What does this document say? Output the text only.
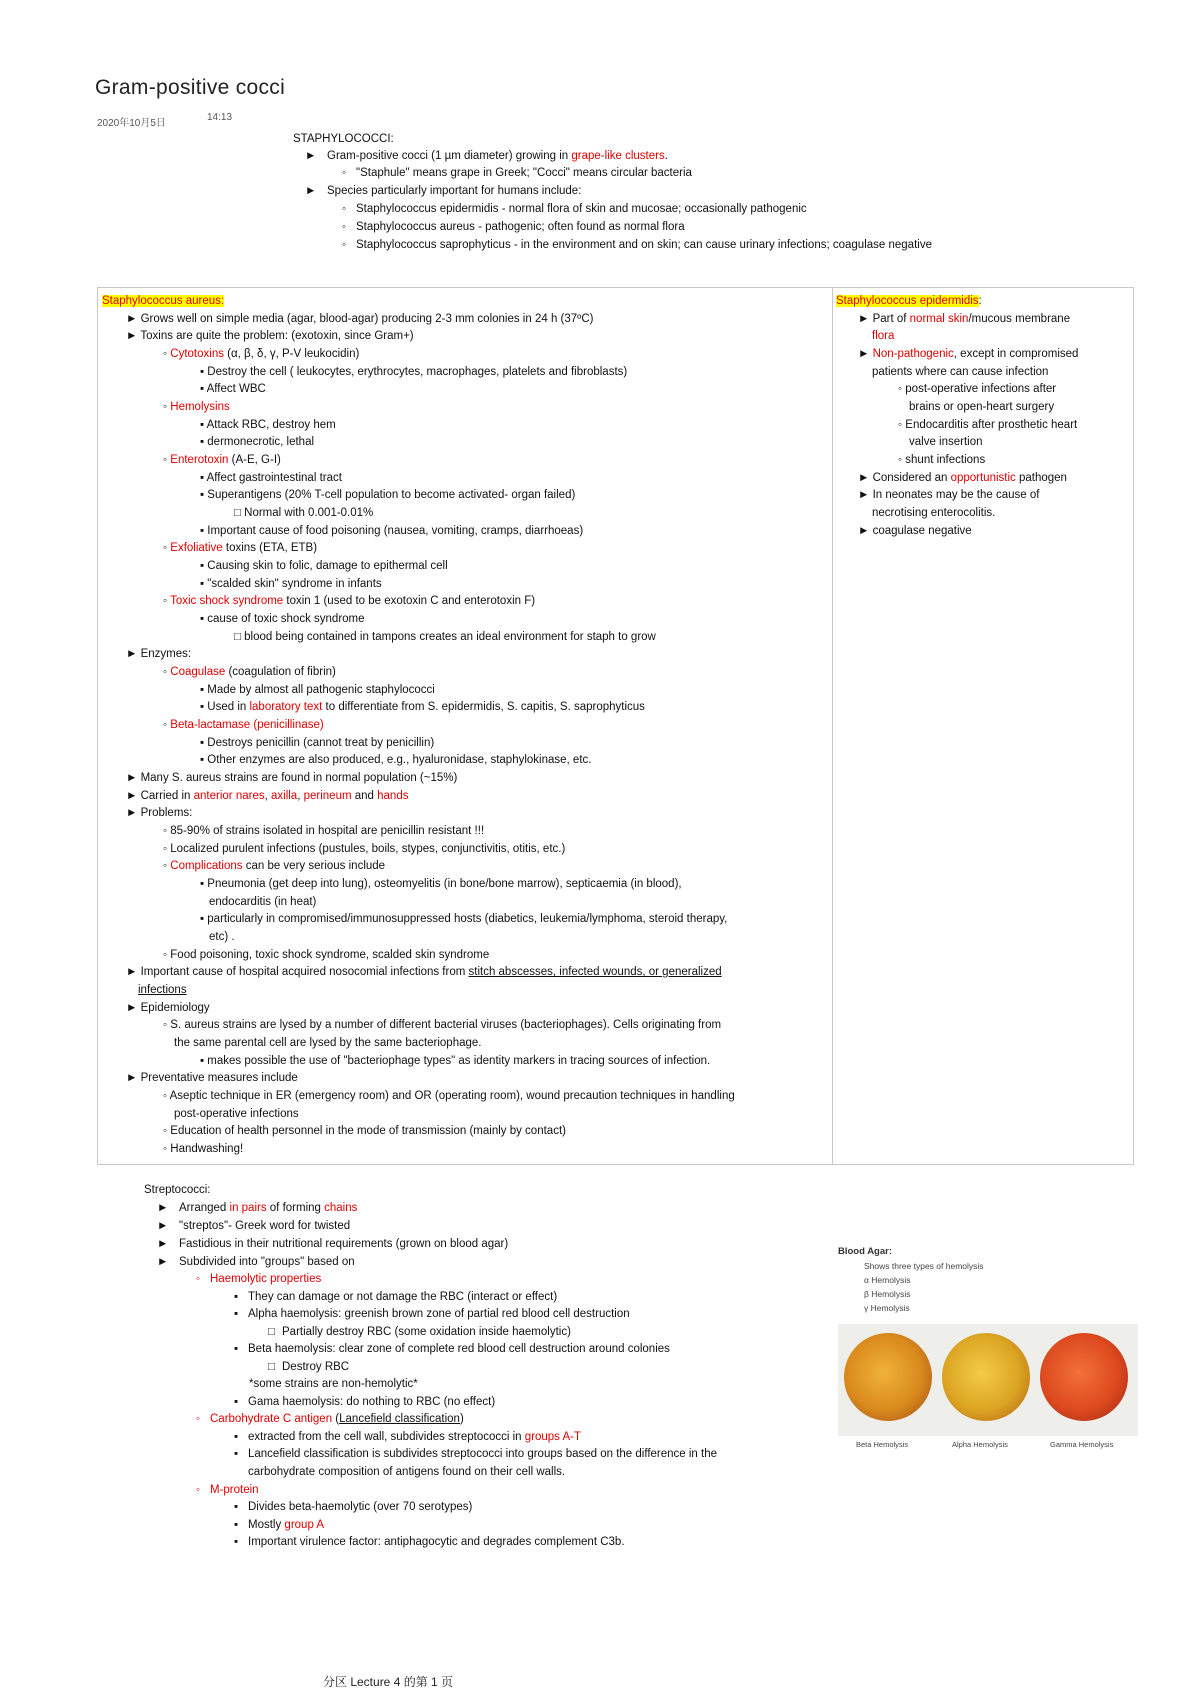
Gram-positive cocci
2020年10月5日
14:13
STAPHYLOCOCCI:
► Gram-positive cocci (1 µm diameter) growing in grape-like clusters.
◦ "Staphule" means grape in Greek; "Cocci" means circular bacteria
► Species particularly important for humans include:
◦ Staphylococcus epidermidis - normal flora of skin and mucosae; occasionally pathogenic
◦ Staphylococcus aureus - pathogenic; often found as normal flora
◦ Staphylococcus saprophyticus - in the environment and on skin; can cause urinary infections; coagulase negative
Staphylococcus aureus:
► Grows well on simple media (agar, blood-agar) producing 2-3 mm colonies in 24 h (37ºC)
► Toxins are quite the problem: (exotoxin, since Gram+)
◦ Cytotoxins (α, β, δ, γ, P-V leukocidin)
▪ Destroy the cell ( leukocytes, erythrocytes, macrophages, platelets and fibroblasts)
▪ Affect WBC
◦ Hemolysins
▪ Attack RBC, destroy hem
▪ dermonecrotic, lethal
◦ Enterotoxin (A-E, G-I)
▪ Affect gastrointestinal tract
▪ Superantigens (20% T-cell population to become activated- organ failed)
□ Normal with 0.001-0.01%
▪ Important cause of food poisoning (nausea, vomiting, cramps, diarrhoeas)
◦ Exfoliative toxins (ETA, ETB)
▪ Causing skin to folic, damage to epithermal cell
▪ "scalded skin" syndrome in infants
◦ Toxic shock syndrome toxin 1 (used to be exotoxin C and enterotoxin F)
▪ cause of toxic shock syndrome
□ blood being contained in tampons creates an ideal environment for staph to grow
► Enzymes:
◦ Coagulase (coagulation of fibrin)
▪ Made by almost all pathogenic staphylococci
▪ Used in laboratory text to differentiate from S. epidermidis, S. capitis, S. saprophyticus
◦ Beta-lactamase (penicillinase)
▪ Destroys penicillin (cannot treat by penicillin)
▪ Other enzymes are also produced, e.g., hyaluronidase, staphylokinase, etc.
► Many S. aureus strains are found in normal population (~15%)
► Carried in anterior nares, axilla, perineum and hands
► Problems:
◦ 85-90% of strains isolated in hospital are penicillin resistant !!!
◦ Localized purulent infections (pustules, boils, stypes, conjunctivitis, otitis, etc.)
◦ Complications can be very serious include
▪ Pneumonia (get deep into lung), osteomyelitis (in bone/bone marrow), septicaemia (in blood),
endocarditis (in heat)
▪ particularly in compromised/immunosuppressed hosts (diabetics, leukemia/lymphoma, steroid therapy,
etc) .
◦ Food poisoning, toxic shock syndrome, scalded skin syndrome
► Important cause of hospital acquired nosocomial infections from stitch abscesses, infected wounds, or generalized
infections
► Epidemiology
◦ S. aureus strains are lysed by a number of different bacterial viruses (bacteriophages). Cells originating from
the same parental cell are lysed by the same bacteriophage.
▪ makes possible the use of "bacteriophage types" as identity markers in tracing sources of infection.
► Preventative measures include
◦ Aseptic technique in ER (emergency room) and OR (operating room), wound precaution techniques in handling
post-operative infections
◦ Education of health personnel in the mode of transmission (mainly by contact)
◦ Handwashing!
Staphylococcus epidermidis:
► Part of normal skin/mucous membrane
flora
► Non-pathogenic, except in compromised
patients where can cause infection
◦ post-operative infections after
brains or open-heart surgery
◦ Endocarditis after prosthetic heart
valve insertion
◦ shunt infections
► Considered an opportunistic pathogen
► In neonates may be the cause of
necrotising enterocolitis.
► coagulase negative
Streptococci:
► Arranged in pairs of forming chains
► "streptos"- Greek word for twisted
► Fastidious in their nutritional requirements (grown on blood agar)
► Subdivided into "groups" based on
◦ Haemolytic properties
▪ They can damage or not damage the RBC (interact or effect)
▪ Alpha haemolysis: greenish brown zone of partial red blood cell destruction
□ Partially destroy RBC (some oxidation inside haemolytic)
▪ Beta haemolysis: clear zone of complete red blood cell destruction around colonies
□ Destroy RBC
*some strains are non-hemolytic*
▪ Gama haemolysis: do nothing to RBC (no effect)
◦ Carbohydrate C antigen (Lancefield classification)
▪ extracted from the cell wall, subdivides streptococci in groups A-T
▪ Lancefield classification is subdivides streptococci into groups based on the difference in the
carbohydrate composition of antigens found on their cell walls.
◦ M-protein
▪ Divides beta-haemolytic (over 70 serotypes)
▪ Mostly group A
▪ Important virulence factor: antiphagocytic and degrades complement C3b.
Blood Agar:
Shows three types of hemolysis
α Hemolysis
β Hemolysis
γ Hemolysis
Beta Hemolysis	Alpha Hemolysis	Gamma Hemolysis
分区 Lecture 4 的第 1 页
